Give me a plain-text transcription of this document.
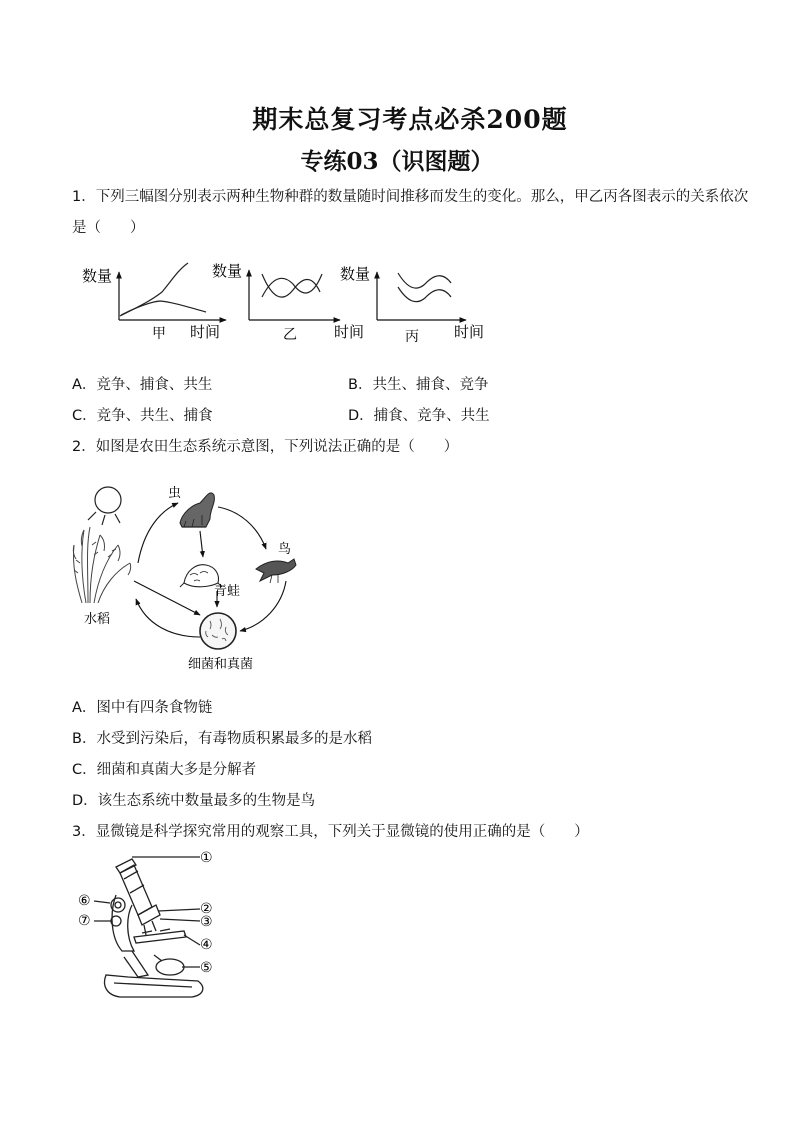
期末总复习考点必杀200题
专练03（识图题）
1．下列三幅图分别表示两种生物种群的数量随时间推移而发生的变化。那么，甲乙丙各图表示的关系依次
是（　　）
数量
甲 时间
数量
乙 时间
数量
丙 时间
A．竞争、捕食、共生	B．共生、捕食、竞争
C．竞争、共生、捕食	D．捕食、竞争、共生
2．如图是农田生态系统示意图，下列说法正确的是（　　）
水稻
虫
鸟
青蛙
细菌和真菌
A．图中有四条食物链
B．水受到污染后，有毒物质积累最多的是水稻
C．细菌和真菌大多是分解者
D．该生态系统中数量最多的生物是鸟
3．显微镜是科学探究常用的观察工具，下列关于显微镜的使用正确的是（　　）
①
②
③
④
⑤
⑥
⑦
